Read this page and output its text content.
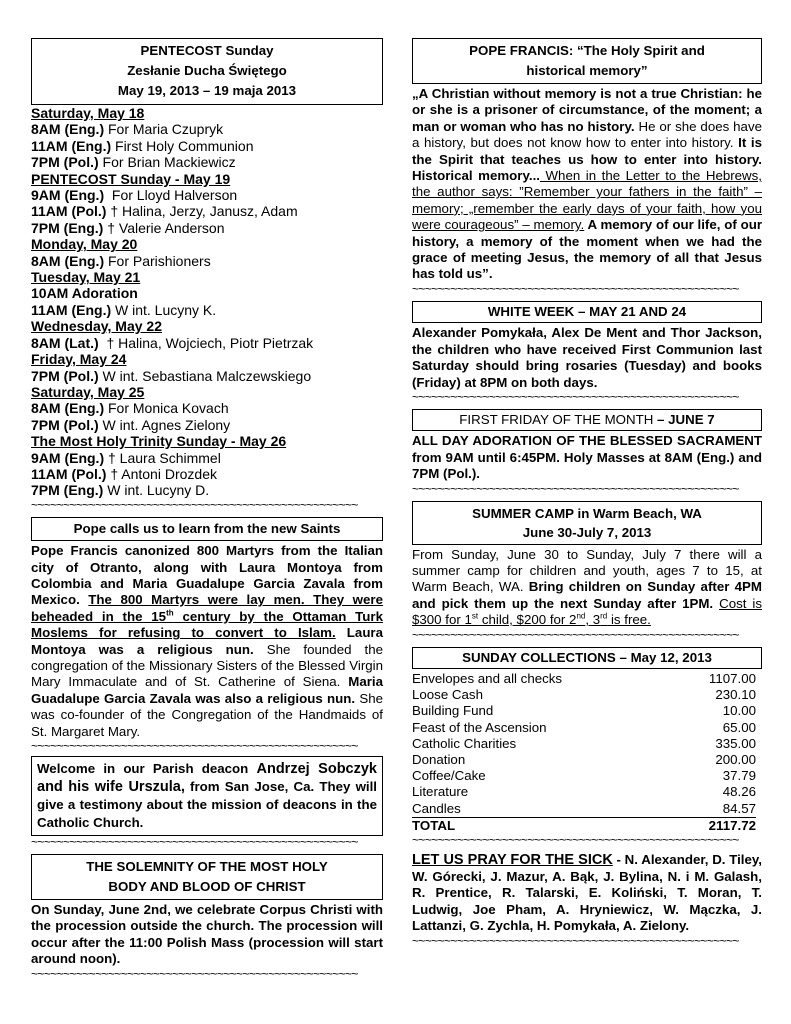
PENTECOST Sunday
Zesłanie Ducha Świętego
May 19, 2013 – 19 maja 2013
Saturday, May 18
8AM (Eng.) For Maria Czupryk
11AM (Eng.) First Holy Communion
7PM (Pol.) For Brian Mackiewicz
PENTECOST Sunday - May 19
9AM (Eng.)  For Lloyd Halverson
11AM (Pol.) † Halina, Jerzy, Janusz, Adam
7PM (Eng.) † Valerie Anderson
Monday, May 20
8AM (Eng.) For Parishioners
Tuesday, May 21
10AM Adoration
11AM (Eng.) W int. Lucyny K.
Wednesday, May 22
8AM (Lat.)  † Halina, Wojciech, Piotr Pietrzak
Friday, May 24
7PM (Pol.) W int. Sebastiana Malczewskiego
Saturday, May 25
8AM (Eng.) For Monica Kovach
7PM (Pol.) W int. Agnes Zielony
The Most Holy Trinity Sunday - May 26
9AM (Eng.) † Laura Schimmel
11AM (Pol.) † Antoni Drozdek
7PM (Eng.) W int. Lucyny D.
~~~~~~~~~~~~~~~~~~~~~~~~~~~~~~~~~~~~~~~~~~~~~~~~~~~
Pope calls us to learn from the new Saints
Pope Francis canonized 800 Martyrs from the Italian city of Otranto, along with Laura Montoya from Colombia and Maria Guadalupe Garcia Zavala from Mexico. The 800 Martyrs were lay men. They were beheaded in the 15th century by the Ottaman Turk Moslems for refusing to convert to Islam. Laura Montoya was a religious nun. She founded the congregation of the Missionary Sisters of the Blessed Virgin Mary Immaculate and of St. Catherine of Siena. Maria Guadalupe Garcia Zavala was also a religious nun. She was co-founder of the Congregation of the Handmaids of St. Margaret Mary.
~~~~~~~~~~~~~~~~~~~~~~~~~~~~~~~~~~~~~~~~~~~~~~~~~~~
Welcome in our Parish deacon Andrzej Sobczyk and his wife Urszula, from San Jose, Ca. They will give a testimony about the mission of deacons in the Catholic Church.
~~~~~~~~~~~~~~~~~~~~~~~~~~~~~~~~~~~~~~~~~~~~~~~~~~~
THE SOLEMNITY OF THE MOST HOLY
BODY AND BLOOD OF CHRIST
On Sunday, June 2nd, we celebrate Corpus Christi with the procession outside the church. The procession will occur after the 11:00 Polish Mass (procession will start around noon).
~~~~~~~~~~~~~~~~~~~~~~~~~~~~~~~~~~~~~~~~~~~~~~~~~~~
POPE FRANCIS: “The Holy Spirit and
historical memory”
„A Christian without memory is not a true Christian: he or she is a prisoner of circumstance, of the moment; a man or woman who has no history. He or she does have a history, but does not know how to enter into history. It is the Spirit that teaches us how to enter into history. Historical memory... When in the Letter to the Hebrews, the author says: ”Remember your fathers in the faith” – memory; „remember the early days of your faith, how you were courageous” – memory. A memory of our life, of our history, a memory of the moment when we had the grace of meeting Jesus, the memory of all that Jesus has told us”.
~~~~~~~~~~~~~~~~~~~~~~~~~~~~~~~~~~~~~~~~~~~~~~~~~~~
WHITE WEEK – MAY 21 AND 24
Alexander Pomykała, Alex De Ment and Thor Jackson, the children who have received First Communion last Saturday should bring rosaries (Tuesday) and books (Friday) at 8PM on both days.
~~~~~~~~~~~~~~~~~~~~~~~~~~~~~~~~~~~~~~~~~~~~~~~~~~~
FIRST FRIDAY OF THE MONTH – JUNE 7
ALL DAY ADORATION OF THE BLESSED SACRAMENT from 9AM until 6:45PM. Holy Masses at 8AM (Eng.) and 7PM (Pol.).
~~~~~~~~~~~~~~~~~~~~~~~~~~~~~~~~~~~~~~~~~~~~~~~~~~~
SUMMER CAMP in Warm Beach, WA
June 30-July 7, 2013
From Sunday, June 30 to Sunday, July 7 there will a summer camp for children and youth, ages 7 to 15, at Warm Beach, WA. Bring children on Sunday after 4PM and pick them up the next Sunday after 1PM. Cost is $300 for 1st child, $200 for 2nd, 3rd is free.
~~~~~~~~~~~~~~~~~~~~~~~~~~~~~~~~~~~~~~~~~~~~~~~~~~~
SUNDAY COLLECTIONS – May 12, 2013
Envelopes and all checks	1107.00
Loose Cash	230.10
Building Fund	10.00
Feast of the Ascension	65.00
Catholic Charities	335.00
Donation	200.00
Coffee/Cake	37.79
Literature	48.26
Candles	84.57
TOTAL	2117.72
~~~~~~~~~~~~~~~~~~~~~~~~~~~~~~~~~~~~~~~~~~~~~~~~~~~
LET US PRAY FOR THE SICK - N. Alexander, D. Tiley, W. Górecki, J. Mazur, A. Bąk, J. Bylina, N. i M. Galash, R. Prentice, R. Talarski, E. Koliński, T. Moran, T. Ludwig, Joe Pham, A. Hryniewicz, W. Mączka, J. Lattanzi, G. Zychla, H. Pomykała, A. Zielony.
~~~~~~~~~~~~~~~~~~~~~~~~~~~~~~~~~~~~~~~~~~~~~~~~~~~
